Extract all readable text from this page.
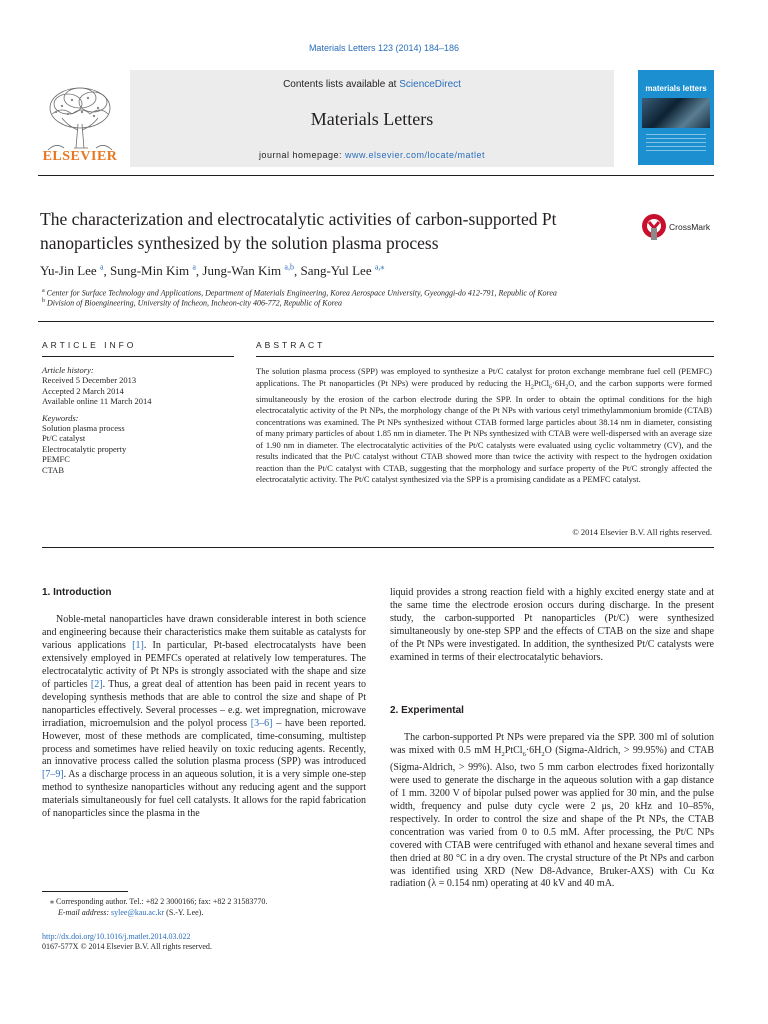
Materials Letters 123 (2014) 184–186
ELSEVIER
Contents lists available at ScienceDirect
Materials Letters
journal homepage: www.elsevier.com/locate/matlet
materials letters
The characterization and electrocatalytic activities of carbon-supported Pt nanoparticles synthesized by the solution plasma process
CrossMark
Yu-Jin Lee $^a$, Sung-Min Kim $^a$, Jung-Wan Kim $^{a,b}$, Sang-Yul Lee $^{a,⁎}$
$^a$ Center for Surface Technology and Applications, Department of Materials Engineering, Korea Aerospace University, Gyeonggi-do 412-791, Republic of Korea
$^b$ Division of Bioengineering, University of Incheon, Incheon-city 406-772, Republic of Korea
ARTICLE INFO
Article history:
Received 5 December 2013
Accepted 2 March 2014
Available online 11 March 2014
Keywords:
Solution plasma process
Pt/C catalyst
Electrocatalytic property
PEMFC
CTAB
ABSTRACT
The solution plasma process (SPP) was employed to synthesize a Pt/C catalyst for proton exchange membrane fuel cell (PEMFC) applications. The Pt nanoparticles (Pt NPs) were produced by reducing the $H_2PtCl_6\cdot 6H_2O$, and the carbon supports were formed simultaneously by the erosion of the carbon electrode during the SPP. In order to obtain the optimal conditions for the high electrocatalytic activity of the Pt NPs, the morphology change of the Pt NPs with various cetyl trimethylammonium bromide (CTAB) concentrations was examined. The Pt NPs synthesized without CTAB formed large particles about 38.14 nm in diameter, consisting of many primary particles of about 1.85 nm in diameter. The Pt NPs synthesized with CTAB were well-dispersed with an average size of 1.90 nm in diameter. The electrocatalytic activities of the Pt/C catalysts were evaluated using cyclic voltammetry (CV), and the results indicated that the Pt/C catalyst without CTAB showed more than twice the activity with respect to the hydrogen oxidation reaction than the Pt/C catalyst with CTAB, suggesting that the morphology and surface property of the Pt/C strongly affected the electrocatalytic activity. The Pt/C catalyst synthesized via the SPP is a promising candidate as a PEMFC catalyst.
© 2014 Elsevier B.V. All rights reserved.
1. Introduction

Noble-metal nanoparticles have drawn considerable interest in both science and engineering because their characteristics make them suitable as catalysts for various applications [1]. In particular, Pt-based electrocatalysts have been extensively employed in PEMFCs operated at relatively low temperatures. The electrocatalytic activity of Pt NPs is strongly associated with the shape and size of particles [2]. Thus, a great deal of attention has been paid in recent years to developing synthesis methods that are able to control the size and shape of Pt nanoparticles effectively. Several processes – e.g. wet impregnation, microwave irradiation, microemulsion and the polyol process [3–6] – have been reported. However, most of these methods are complicated, time-consuming, multistep process and sometimes have relied heavily on toxic reducing agents. Recently, an innovative process called the solution plasma process (SPP) was introduced [7–9]. As a discharge process in an aqueous solution, it is a very simple one-step method to synthesize nanoparticles without any reducing agent and the support materials simultaneously for fuel cell catalysts. It allows for the rapid fabrication of nanoparticles since the plasma in the

⁎ Corresponding author. Tel.: +82 2 3000166; fax: +82 2 31583770.
E-mail address: sylee@kau.ac.kr (S.-Y. Lee).
http://dx.doi.org/10.1016/j.matlet.2014.03.022
0167-577X © 2014 Elsevier B.V. All rights reserved.

liquid provides a strong reaction field with a highly excited energy state and at the same time the electrode erosion occurs during discharge. In the present study, the carbon-supported Pt nanoparticles (Pt/C) were synthesized simultaneously by one-step SPP and the effects of CTAB on the size and shape of the Pt NPs were investigated. In addition, the synthesized Pt/C catalysts were examined in terms of their electrocatalytic behaviors.

2. Experimental

The carbon-supported Pt NPs were prepared via the SPP. 300 ml of solution was mixed with 0.5 mM $H_2PtCl_6\cdot 6H_2O$ (Sigma-Aldrich, > 99.95%) and CTAB (Sigma-Aldrich, > 99%). Also, two 5 mm carbon electrodes fixed horizontally were used to generate the discharge in the aqueous solution with a gap distance of 1 mm. 3200 V of bipolar pulsed power was applied for 30 min, and the pulse width, frequency and pulse duty cycle were 2 μs, 20 kHz and 10–85%, respectively. In order to control the size and shape of the Pt NPs, the CTAB concentration was varied from 0 to 0.5 mM. After processing, the Pt/C NPs covered with CTAB were centrifuged with ethanol and hexane several times and then dried at 80 °C in a dry oven. The crystal structure of the Pt NPs and carbon was identified using XRD (New D8-Advance, Bruker-AXS) with Cu Kα radiation (λ = 0.154 nm) operating at 40 kV and 40 mA.
